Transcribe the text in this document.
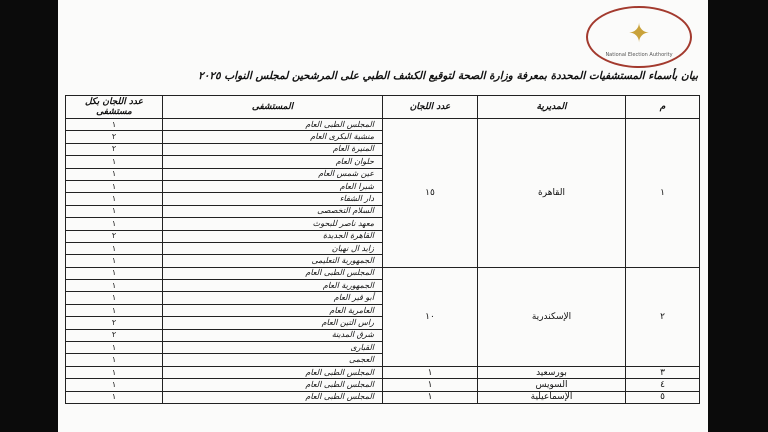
✦
National Election Authority
بيان بأسماء المستشفيات المحددة بمعرفة وزارة الصحة لتوقيع الكشف الطبي على المرشحين لمجلس النواب ٢٠٢٥
م	المديرية	عدد اللجان	المستشفى	عدد اللجان بكل مستشفى
١	القاهرة	١٥	المجلس الطبى العام	١
			منشية البكرى العام	٢
			المنيرة العام	٢
			حلوان العام	١
			عين شمس العام	١
			شبرا العام	١
			دار الشفاء	١
			السلام التخصصى	١
			معهد ناصر للبحوث	١
			القاهرة الجديدة	٢
			زايد ال نهيان	١
			الجمهورية التعليمى	١
٢	الإسكندرية	١٠	المجلس الطبى العام	١
			الجمهورية العام	١
			أبو قير العام	١
			العامرية العام	١
			راس التين العام	٢
			شرق المدينة	٢
			القبارى	١
			العجمى	١
٣	بورسعيد	١	المجلس الطبى العام	١
٤	السويس	١	المجلس الطبى العام	١
٥	الإسماعيلية	١	المجلس الطبى العام	١
